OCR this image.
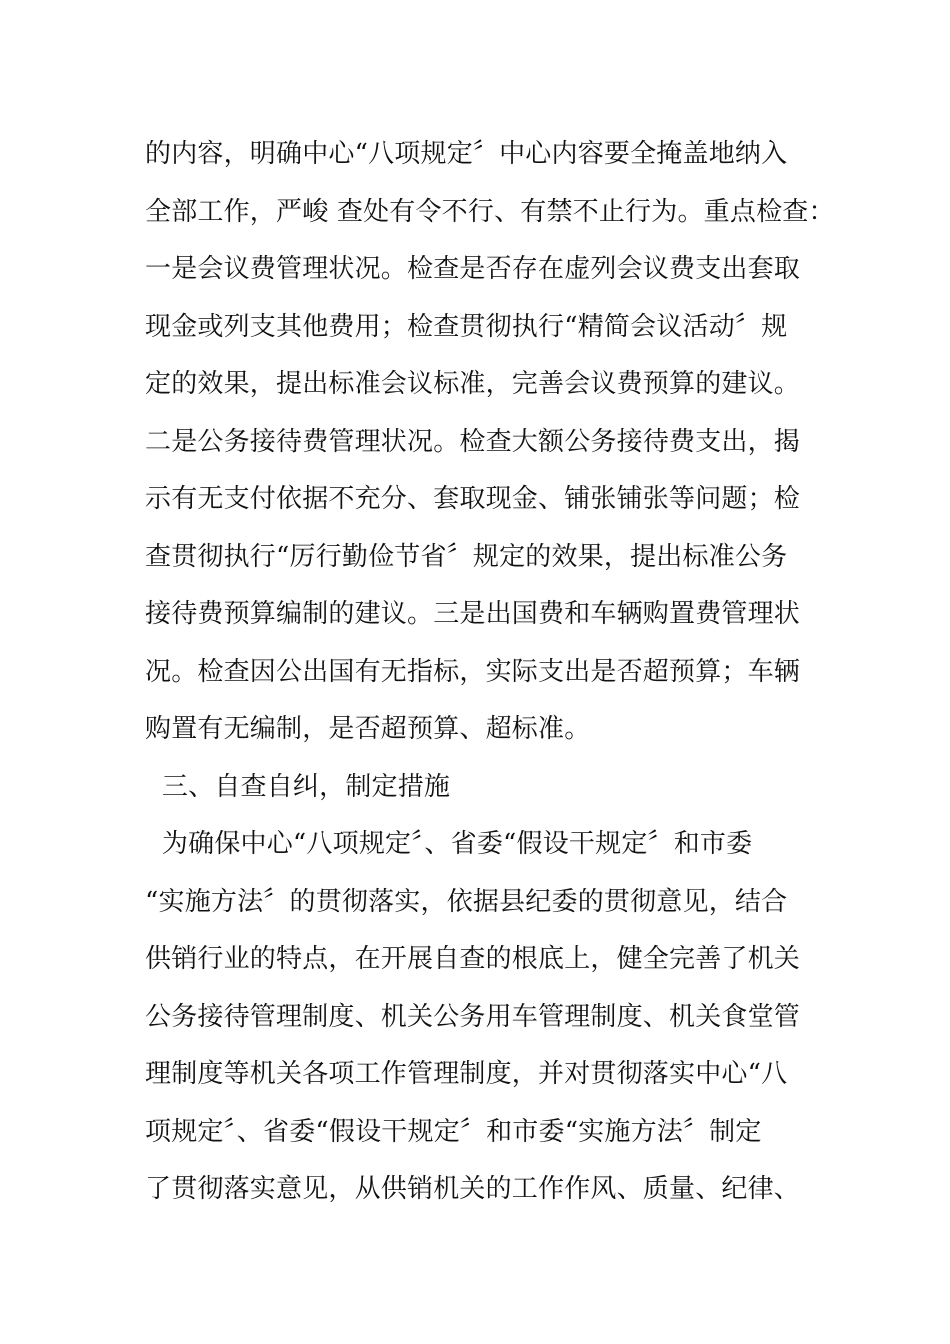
的内容，明确中心“八项规定〞中心内容要全掩盖地纳入
全部工作，严峻 查处有令不行、有禁不止行为。重点检查：
一是会议费管理状况。检查是否存在虚列会议费支出套取
现金或列支其他费用；检查贯彻执行“精简会议活动〞规
定的效果，提出标准会议标准，完善会议费预算的建议。
二是公务接待费管理状况。检查大额公务接待费支出，揭
示有无支付依据不充分、套取现金、铺张铺张等问题；检
查贯彻执行“厉行勤俭节省〞规定的效果，提出标准公务
接待费预算编制的建议。三是出国费和车辆购置费管理状
况。检查因公出国有无指标，实际支出是否超预算；车辆
购置有无编制，是否超预算、超标准。
三、自查自纠，制定措施
为确保中心“八项规定〞、省委“假设干规定〞和市委
“实施方法〞的贯彻落实，依据县纪委的贯彻意见，结合
供销行业的特点，在开展自查的根底上，健全完善了机关
公务接待管理制度、机关公务用车管理制度、机关食堂管
理制度等机关各项工作管理制度，并对贯彻落实中心“八
项规定〞、省委“假设干规定〞和市委“实施方法〞制定
了贯彻落实意见，从供销机关的工作作风、质量、纪律、
